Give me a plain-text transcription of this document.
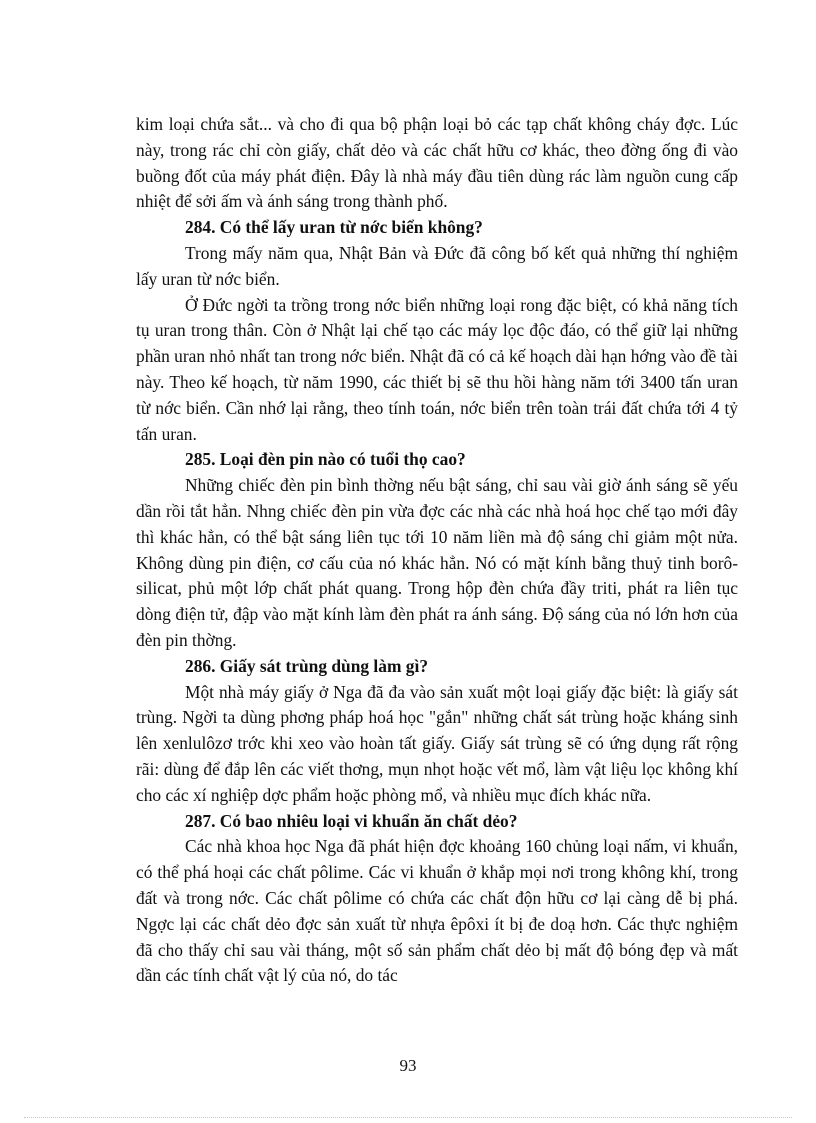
kim loại chứa sắt... và cho đi qua bộ phận loại bỏ các tạp chất không cháy đợc. Lúc này, trong rác chỉ còn giấy, chất dẻo và các chất hữu cơ khác, theo đờng ống đi vào buồng đốt của máy phát điện. Đây là nhà máy đầu tiên dùng rác làm nguồn cung cấp nhiệt để sởi ấm và ánh sáng trong thành phố.

284. Có thể lấy uran từ nớc biển không?

Trong mấy năm qua, Nhật Bản và Đức đã công bố kết quả những thí nghiệm lấy uran từ nớc biển.

Ở Đức ngời ta trồng trong nớc biển những loại rong đặc biệt, có khả năng tích tụ uran trong thân. Còn ở Nhật lại chế tạo các máy lọc độc đáo, có thể giữ lại những phần uran nhỏ nhất tan trong nớc biển. Nhật đã có cả kế hoạch dài hạn hớng vào đề tài này. Theo kế hoạch, từ năm 1990, các thiết bị sẽ thu hồi hàng năm tới 3400 tấn uran từ nớc biển. Cần nhớ lại rằng, theo tính toán, nớc biển trên toàn trái đất chứa tới 4 tỷ tấn uran.

285. Loại đèn pin nào có tuổi thọ cao?

Những chiếc đèn pin bình thờng nếu bật sáng, chỉ sau vài giờ ánh sáng sẽ yếu dần rồi tắt hẳn. Nhng chiếc đèn pin vừa đợc các nhà các nhà hoá học chế tạo mới đây thì khác hẳn, có thể bật sáng liên tục tới 10 năm liền mà độ sáng chỉ giảm một nửa. Không dùng pin điện, cơ cấu của nó khác hẳn. Nó có mặt kính bằng thuỷ tinh borô-silicat, phủ một lớp chất phát quang. Trong hộp đèn chứa đầy triti, phát ra liên tục dòng điện tử, đập vào mặt kính làm đèn phát ra ánh sáng. Độ sáng của nó lớn hơn của đèn pin thờng.

286. Giấy sát trùng dùng làm gì?

Một nhà máy giấy ở Nga đã đa vào sản xuất một loại giấy đặc biệt: là giấy sát trùng. Ngời ta dùng phơng pháp hoá học "gắn" những chất sát trùng hoặc kháng sinh lên xenlulôzơ trớc khi xeo vào hoàn tất giấy. Giấy sát trùng sẽ có ứng dụng rất rộng rãi: dùng để đắp lên các viết thơng, mụn nhọt hoặc vết mổ, làm vật liệu lọc không khí cho các xí nghiệp dợc phẩm hoặc phòng mổ, và nhiều mục đích khác nữa.

287. Có bao nhiêu loại vi khuẩn ăn chất dẻo?

Các nhà khoa học Nga đã phát hiện đợc khoảng 160 chủng loại nấm, vi khuẩn, có thể phá hoại các chất pôlime. Các vi khuẩn ở khắp mọi nơi trong không khí, trong đất và trong nớc. Các chất pôlime có chứa các chất độn hữu cơ lại càng dễ bị phá. Ngợc lại các chất dẻo đợc sản xuất từ nhựa êpôxi ít bị đe doạ hơn. Các thực nghiệm đã cho thấy chỉ sau vài tháng, một số sản phẩm chất dẻo bị mất độ bóng đẹp và mất dần các tính chất vật lý của nó, do tác

93
